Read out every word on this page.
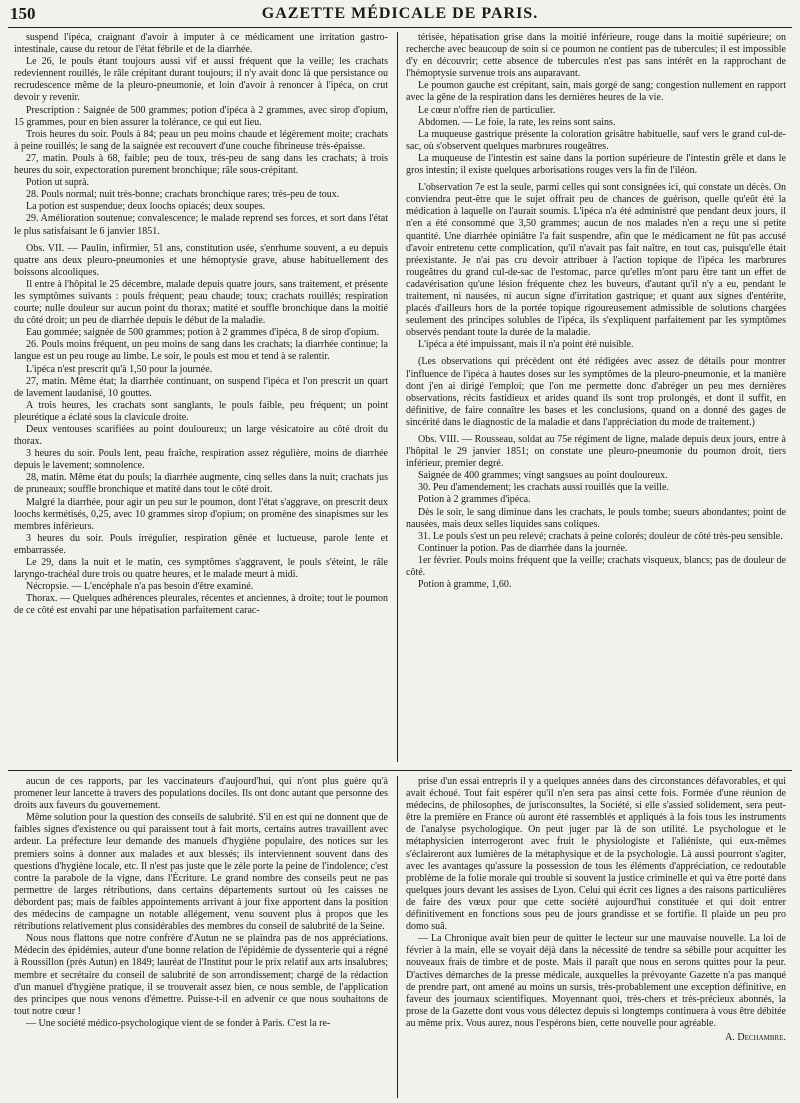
150	GAZETTE MÉDICALE DE PARIS.

suspend l'ipéca, craignant d'avoir à imputer à ce médicament une irritation gastro-intestinale, cause du retour de l'état fébrile et de la diarrhée.

Le 26, le pouls étant toujours aussi vif et aussi fréquent que la veille; les crachats redeviennent rouillés, le râle crépitant durant toujours; il n'y avait donc là que persistance ou recrudescence même de la pleuro-pneumonie, et loin d'avoir à renoncer à l'ipéca, on crut devoir y revenir.

Prescription : Saignée de 500 grammes; potion d'ipéca à 2 grammes, avec sirop d'opium, 15 grammes, pour en bien assurer la tolérance, ce qui eut lieu.

Trois heures du soir. Pouls à 84; peau un peu moins chaude et légèrement moite; crachats à peine rouillés; le sang de la saignée est recouvert d'une couche fibrineuse très-épaisse.

27, matin. Pouls à 68, faible; peu de toux, très-peu de sang dans les crachats; à trois heures du soir, expectoration purement bronchique; râle sous-crépitant.

Potion ut suprà.

28. Pouls normal; nuit très-bonne; crachats bronchique rares; très-peu de toux.

La potion est suspendue; deux loochs opiacés; deux soupes.

29. Amélioration soutenue; convalescence; le malade reprend ses forces, et sort dans l'état le plus satisfaisant le 6 janvier 1851.

Obs. VII. — Paulin, infirmier, 51 ans, constitution usée, s'enrhume souvent, a eu depuis quatre ans deux pleuro-pneumonies et une hémoptysie grave, abuse habituellement des boissons alcooliques.

Il entre à l'hôpital le 25 décembre, malade depuis quatre jours, sans traitement, et présente les symptômes suivants : pouls fréquent; peau chaude; toux; crachats rouillés; respiration courte; nulle douleur sur aucun point du thorax; matité et souffle bronchique dans la moitié du côté droit; un peu de diarrhée depuis le début de la maladie.

Eau gommée; saignée de 500 grammes; potion à 2 grammes d'ipéca, 8 de sirop d'opium.

26. Pouls moins fréquent, un peu moins de sang dans les crachats; la diarrhée continue; la langue est un peu rouge au limbe. Le soir, le pouls est mou et tend à se ralentir.

L'ipéca n'est prescrit qu'à 1,50 pour la journée.

27, matin. Même état; la diarrhée continuant, on suspend l'ipéca et l'on prescrit un quart de lavement laudanisé, 10 gouttes.

A trois heures, les crachats sont sanglants, le pouls faible, peu fréquent; un point pleurétique a éclaté sous la clavicule droite.

Deux ventouses scarifiées au point douloureux; un large vésicatoire au côté droit du thorax.

3 heures du soir. Pouls lent, peau fraîche, respiration assez régulière, moins de diarrhée depuis le lavement; somnolence.

28, matin. Même état du pouls; la diarrhée augmente, cinq selles dans la nuit; crachats jus de pruneaux; souffle bronchique et matité dans tout le côté droit.

Malgré la diarrhée, pour agir un peu sur le poumon, dont l'état s'aggrave, on prescrit deux loochs kermétisés, 0,25, avec 10 grammes sirop d'opium; on promène des sinapismes sur les membres inférieurs.

3 heures du soir. Pouls irrégulier, respiration gênée et luctueuse, parole lente et embarrassée.

Le 29, dans la nuit et le matin, ces symptômes s'aggravent, le pouls s'éteint, le râle laryngo-trachéal dure trois ou quatre heures, et le malade meurt à midi.

Nécropsie. — L'encéphale n'a pas besoin d'être examiné.

Thorax. — Quelques adhérences pleurales, récentes et anciennes, à droite; tout le poumon de ce côté est envahi par une hépatisation parfaitement carac-

térisée, hépatisation grise dans la moitié inférieure, rouge dans la moitié supérieure; on recherche avec beaucoup de soin si ce poumon ne contient pas de tubercules; il est impossible d'y en découvrir; cette absence de tubercules n'est pas sans intérêt en la rapprochant de l'hémoptysie survenue trois ans auparavant.

Le poumon gauche est crépitant, sain, mais gorgé de sang; congestion nullement en rapport avec la gêne de la respiration dans les dernières heures de la vie.

Le cœur n'offre rien de particulier.

Abdomen. — Le foie, la rate, les reins sont sains.

La muqueuse gastrique présente la coloration grisâtre habituelle, sauf vers le grand cul-de-sac, où s'observent quelques marbrures rougeâtres.

La muqueuse de l'intestin est saine dans la portion supérieure de l'intestin grêle et dans le gros intestin; il existe quelques arborisations rouges vers la fin de l'iléon.

L'observation 7e est la seule, parmi celles qui sont consignées ici, qui constate un décès. On conviendra peut-être que le sujet offrait peu de chances de guérison, quelle qu'eût été la médication à laquelle on l'aurait soumis. L'ipéca n'a été administré que pendant deux jours, il n'en a été consommé que 3,50 grammes; aucun de nos malades n'en a reçu une si petite quantité. Une diarrhée opiniâtre l'a fait suspendre, afin que le médicament ne fût pas accusé d'avoir entretenu cette complication, qu'il n'avait pas fait naître, en tout cas, puisqu'elle était préexistante. Je n'ai pas cru devoir attribuer à l'action topique de l'ipéca les marbrures rougeâtres du grand cul-de-sac de l'estomac, parce qu'elles m'ont paru être tant un effet de cadavérisation qu'une lésion fréquente chez les buveurs, d'autant qu'il n'y a eu, pendant le traitement, ni nausées, ni aucun signe d'irritation gastrique; et quant aux signes d'entérite, placés d'ailleurs hors de la portée topique rigoureusement admissible de solutions chargées seulement des principes solubles de l'ipéca, ils s'expliquent parfaitement par les symptômes observés pendant toute la durée de la maladie.

L'ipéca a été impuissant, mais il n'a point été nuisible.

(Les observations qui précèdent ont été rédigées avec assez de détails pour montrer l'influence de l'ipéca à hautes doses sur les symptômes de la pleuro-pneumonie, et la manière dont j'en ai dirigé l'emploi; que l'on me permette donc d'abréger un peu mes dernières observations, récits fastidieux et arides quand ils sont trop prolongés, et dont il suffit, en définitive, de faire connaître les bases et les conclusions, quand on a donné des gages de sincérité dans le diagnostic de la maladie et dans l'appréciation du mode de traitement.)

Obs. VIII. — Rousseau, soldat au 75e régiment de ligne, malade depuis deux jours, entre à l'hôpital le 29 janvier 1851; on constate une pleuro-pneumonie du poumon droit, tiers inférieur, premier degré.

Saignée de 400 grammes; vingt sangsues au point douloureux.

30. Peu d'amendement; les crachats aussi rouillés que la veille.

Potion à 2 grammes d'ipéca.

Dès le soir, le sang diminue dans les crachats, le pouls tombe; sueurs abondantes; point de nausées, mais deux selles liquides sans coliques.

31. Le pouls s'est un peu relevé; crachats à peine colorés; douleur de côté très-peu sensible.

Continuer la potion. Pas de diarrhée dans la journée.

1er février. Pouls moins fréquent que la veille; crachats visqueux, blancs; pas de douleur de côté.

Potion à gramme, 1,60.

aucun de ces rapports, par les vaccinateurs d'aujourd'hui, qui n'ont plus guère qu'à promener leur lancette à travers des populations dociles. Ils ont donc autant que personne des droits aux faveurs du gouvernement.

Même solution pour la question des conseils de salubrité. S'il en est qui ne donnent que de faibles signes d'existence ou qui paraissent tout à fait morts, certains autres travaillent avec ardeur. La préfecture leur demande des manuels d'hygiène populaire, des notices sur les premiers soins à donner aux malades et aux blessés; ils interviennent souvent dans des questions d'hygiène locale, etc. Il n'est pas juste que le zèle porte la peine de l'indolence; c'est contre la parabole de la vigne, dans l'Écriture. Le grand nombre des conseils peut ne pas permettre de larges rétributions, dans certains départements surtout où les caisses ne débordent pas; mais de faibles appointements arrivant à jour fixe apportent dans la position des médecins de campagne un notable allégement, venu souvent plus à propos que les rétributions relativement plus considérables des membres du conseil de salubrité de la Seine.

Nous nous flattons que notre confrère d'Autun ne se plaindra pas de nos appréciations. Médecin des épidémies, auteur d'une bonne relation de l'épidémie de dyssenterie qui a régné à Roussillon (près Autun) en 1849; lauréat de l'Institut pour le prix relatif aux arts insalubres; membre et secrétaire du conseil de salubrité de son arrondissement; chargé de la rédaction d'un manuel d'hygiène pratique, il se trouverait assez bien, ce nous semble, de l'application des principes que nous venons d'émettre. Puisse-t-il en advenir ce que nous souhaitons de tout notre cœur !

— Une société médico-psychologique vient de se fonder à Paris. C'est la re-

prise d'un essai entrepris il y a quelques années dans des circonstances défavorables, et qui avait échoué. Tout fait espérer qu'il n'en sera pas ainsi cette fois. Formée d'une réunion de médecins, de philosophes, de jurisconsultes, la Société, si elle s'assied solidement, sera peut-être la première en France où auront été rassemblés et appliqués à la fois tous les instruments de l'analyse psychologique. On peut juger par là de son utilité. Le psychologue et le métaphysicien interrogeront avec fruit le physiologiste et l'aliéniste, qui eux-mêmes s'éclaireront aux lumières de la métaphysique et de la psychologie. Là aussi pourront s'agiter, avec les avantages qu'assure la possession de tous les éléments d'appréciation, ce redoutable problème de la folie morale qui trouble si souvent la justice criminelle et qui va être porté dans quelques jours devant les assises de Lyon. Celui qui écrit ces lignes a des raisons particulières de faire des vœux pour que cette société aujourd'hui constituée et qui doit entrer définitivement en fonctions sous peu de jours grandisse et se fortifie. Il plaide un peu pro domo suâ.

— La Chronique avait bien peur de quitter le lecteur sur une mauvaise nouvelle. La loi de février à la main, elle se voyait déjà dans la nécessité de tendre sa sébille pour acquitter les nouveaux frais de timbre et de poste. Mais il paraît que nous en serons quittes pour la peur. D'actives démarches de la presse médicale, auxquelles la prévoyante Gazette n'a pas manqué de prendre part, ont amené au moins un sursis, très-probablement une exception définitive, en faveur des journaux scientifiques. Moyennant quoi, très-chers et très-précieux abonnés, la prose de la Gazette dont vous vous délectez depuis si longtemps continuera à vous être débitée au même prix. Vous aurez, nous l'espérons bien, cette nouvelle pour agréable.

A. Dechambre.
